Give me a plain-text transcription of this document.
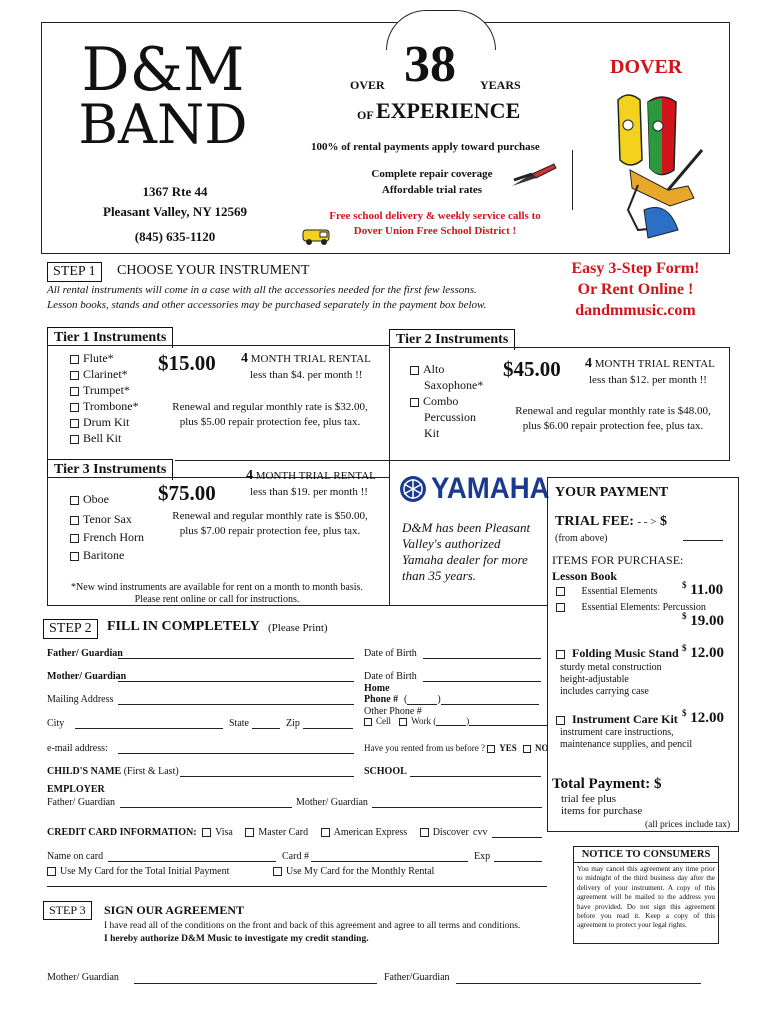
D&M
BAND
1367 Rte 44
Pleasant Valley, NY 12569
(845) 635-1120
OVER 38 YEARS
OF EXPERIENCE
100% of rental payments apply toward purchase
Complete repair coverage
Affordable trial rates
Free school delivery & weekly service calls to
Dover Union Free School District !
DOVER
STEP 1	CHOOSE YOUR INSTRUMENT
All rental instruments will come in a case with all the accessories needed for the first few lessons.
Lesson books, stands and other accessories may be purchased separately in the payment box below.
Easy 3-Step Form!
Or Rent Online !
dandmmusic.com
Tier 1 Instruments
Flute*
Clarinet*
Trumpet*
Trombone*
Drum Kit
Bell Kit
$15.00 4 MONTH TRIAL RENTAL
less than $4. per month !!
Renewal and regular monthly rate is $32.00,
plus $5.00 repair protection fee, plus tax.
Tier 2 Instruments
Alto
Saxophone*
Combo
Percussion
Kit
$45.00 4 MONTH TRIAL RENTAL
less than $12. per month !!
Renewal and regular monthly rate is $48.00,
plus $6.00 repair protection fee, plus tax.
Tier 3 Instruments
Oboe
Tenor Sax
French Horn
Baritone
$75.00
4 MONTH TRIAL RENTAL
less than $19. per month !!
Renewal and regular monthly rate is $50.00,
plus $7.00 repair protection fee, plus tax.
*New wind instruments are available for rent on a month to month basis.
Please rent online or call for instructions.
YAMAHA
D&M has been Pleasant
Valley's authorized
Yamaha dealer for more
than 35 years.
YOUR PAYMENT
TRIAL FEE: - - > $
(from above)
ITEMS FOR PURCHASE:
Lesson Book
Essential Elements
$ 11.00
Essential Elements: Percussion
$ 19.00
Folding Music Stand $ 12.00
sturdy metal construction
height-adjustable
includes carrying case
Instrument Care Kit $ 12.00
instrument care instructions,
maintenance supplies, and pencil
Total Payment: $
trial fee plus
items for purchase
(all prices include tax)
STEP 2	FILL IN COMPLETELY (Please Print)
Father/ Guardian	Date of Birth
Mother/ Guardian	Date of Birth
Home
Mailing Address	Phone # (	)
Other Phone #
City	State	Zip	Cell Work (	)
e-mail address:	Have you rented from us before ? YES NO
CHILD'S NAME (First & Last)	SCHOOL
EMPLOYER
Father/ Guardian	Mother/ Guardian
CREDIT CARD INFORMATION: Visa	Master Card	American Express	Discover cvv
Name on card	Card #	Exp
Use My Card for the Total Initial Payment	Use My Card for the Monthly Rental
STEP 3	SIGN OUR AGREEMENT
I have read all of the conditions on the front and back of this agreement and agree to all terms and conditions.
I hereby authorize D&M Music to investigate my credit standing.
Mother/ Guardian	Father/Guardian
NOTICE TO CONSUMERS
You may cancel this agreement any time prior to midnight of the third business day after the delivery of your instrument. A copy of this agreement will be mailed to the address you have provided. Do not sign this agreement before you read it. Keep a copy of this agreement to protect your legal rights.
